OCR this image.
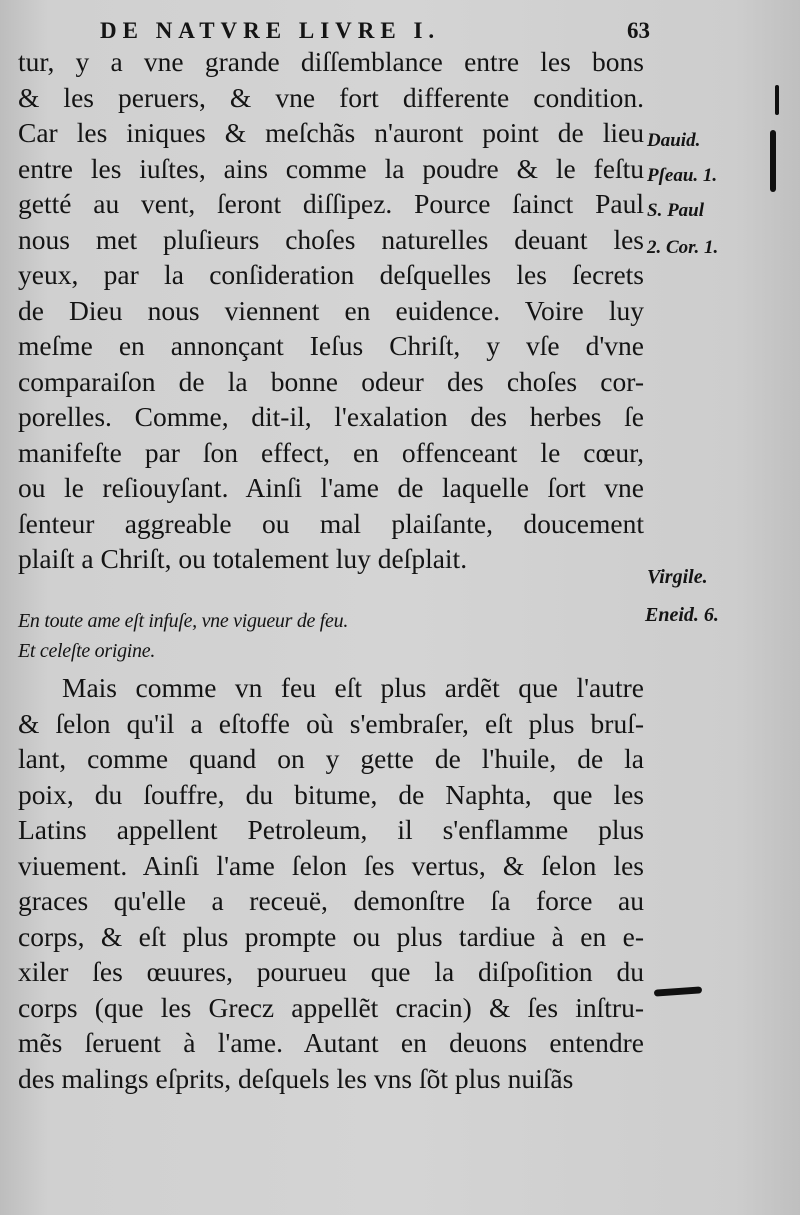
DE NATVRE LIVRE I.	63
tur, y a vne grande diſſemblance entre les bons
& les peruers, & vne fort differente condition.
Car les iniques & meſchãs n'auront point de lieu
entre les iuſtes, ains comme la poudre & le feſtu
getté au vent, ſeront diſſipez. Pource ſainct Paul
nous met pluſieurs choſes naturelles deuant les
yeux, par la conſideration deſquelles les ſecrets
de Dieu nous viennent en euidence. Voire luy
meſme en annonçant Ieſus Chriſt, y vſe d'vne
comparaiſon de la bonne odeur des choſes cor-
porelles. Comme, dit-il, l'exalation des herbes ſe
manifeſte par ſon effect, en offenceant le cœur,
ou le reſiouyſant. Ainſi l'ame de laquelle ſort vne
ſenteur aggreable ou mal plaiſante, doucement
plaiſt a Chriſt, ou totalement luy deſplait.
En toute ame eſt infuſe, vne vigueur de feu.
Et celeſte origine.
Mais comme vn feu eſt plus ardẽt que l'autre
& ſelon qu'il a eſtoffe où s'embraſer, eſt plus bruſ-
lant, comme quand on y gette de l'huile, de la
poix, du ſouffre, du bitume, de Naphta, que les
Latins appellent Petroleum, il s'enflamme plus
viuement. Ainſi l'ame ſelon ſes vertus, & ſelon les
graces qu'elle a receuë, demonſtre ſa force au
corps, & eſt plus prompte ou plus tardiue à en e-
xiler ſes œuures, pourueu que la diſpoſition du
corps (que les Grecz appellẽt cracin) & ſes inſtru-
mẽs ſeruent à l'ame. Autant en deuons entendre
des malings eſprits, deſquels les vns ſõt plus nuiſãs
Dauid.
Pſeau. 1.
S. Paul
2. Cor. 1.
Virgile.
Eneid. 6.
